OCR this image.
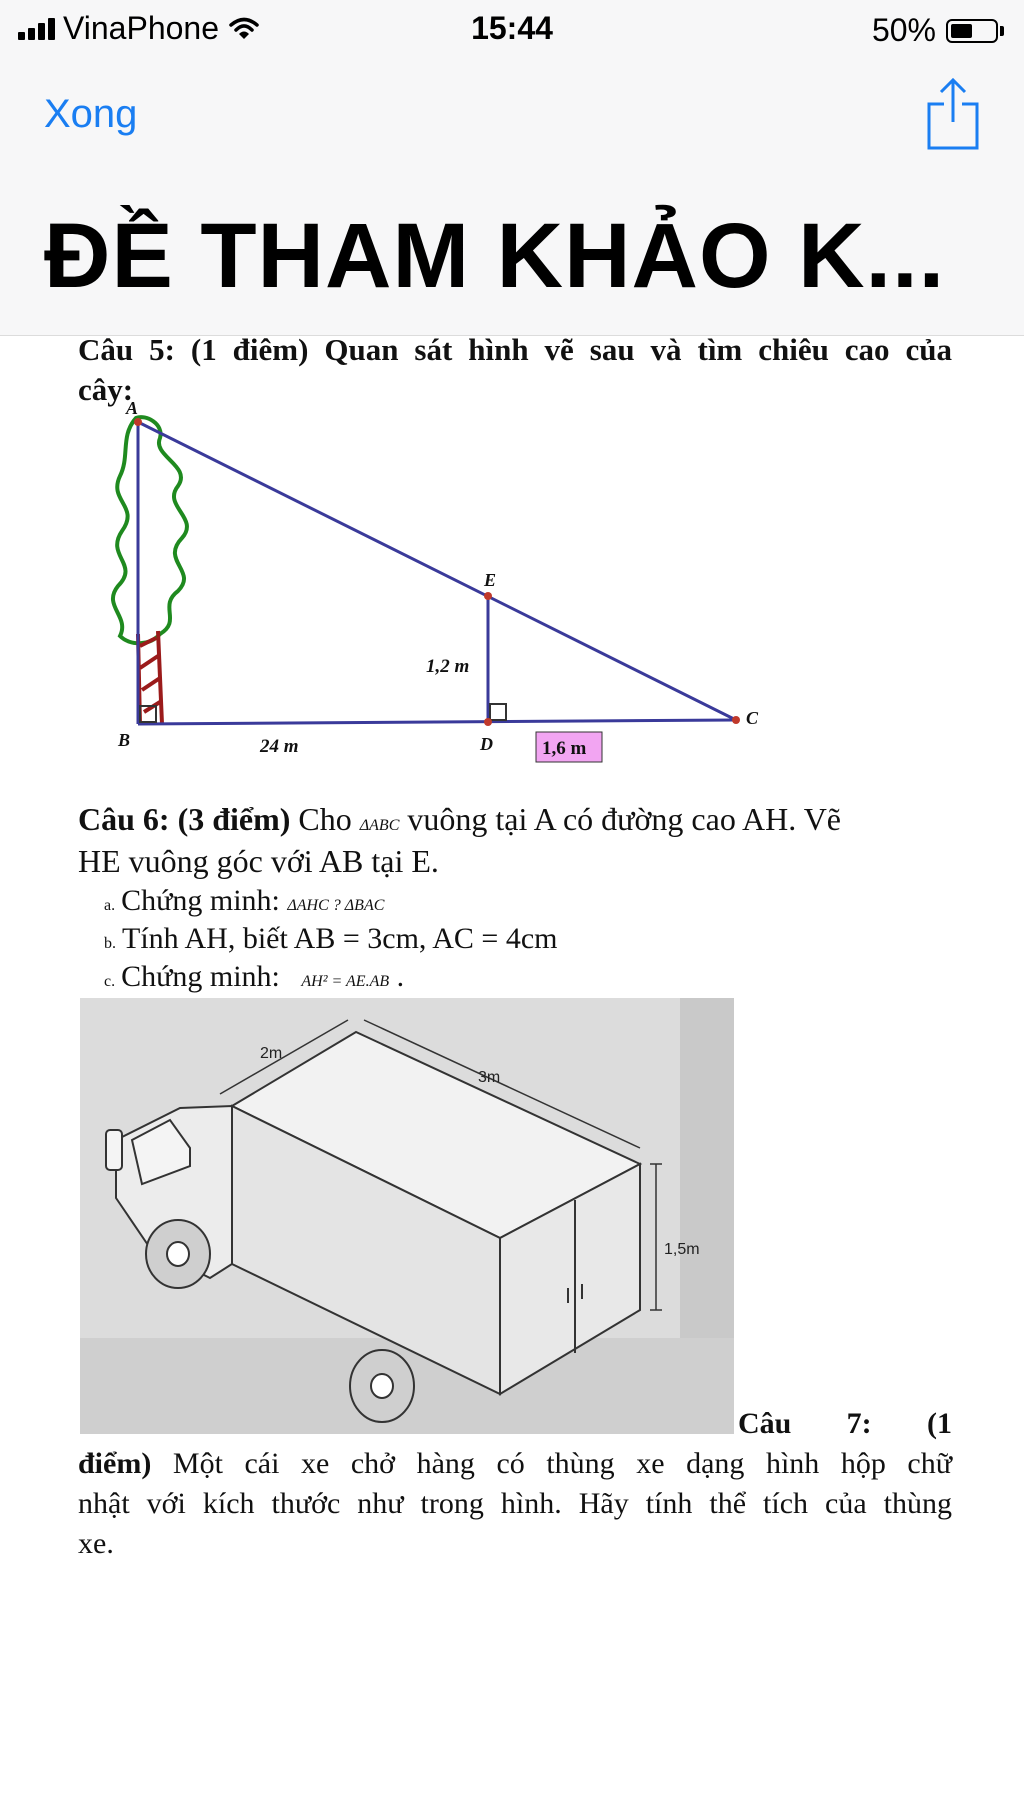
VinaPhone	15:44	50%
Xong
ĐỀ THAM KHẢO K...
Câu 5: (1 điêm) Quan sát hình vẽ sau và tìm chiêu cao của
cây:
A
B
C
D
E
1,2 m
24 m	1,6 m
Câu 6: (3 điểm) Cho ΔABC vuông tại A có đường cao AH. Vẽ
HE vuông góc với AB tại E.
a. Chứng minh: ΔAHC ? ΔBAC
b. Tính AH, biết AB = 3cm, AC = 4cm
c. Chứng minh: AH² = AE.AB .
2m
3m
1,5m
Câu 7: (1
điểm) Một cái xe chở hàng có thùng xe dạng hình hộp chữ
nhật với kích thước như trong hình. Hãy tính thể tích của thùng
xe.
